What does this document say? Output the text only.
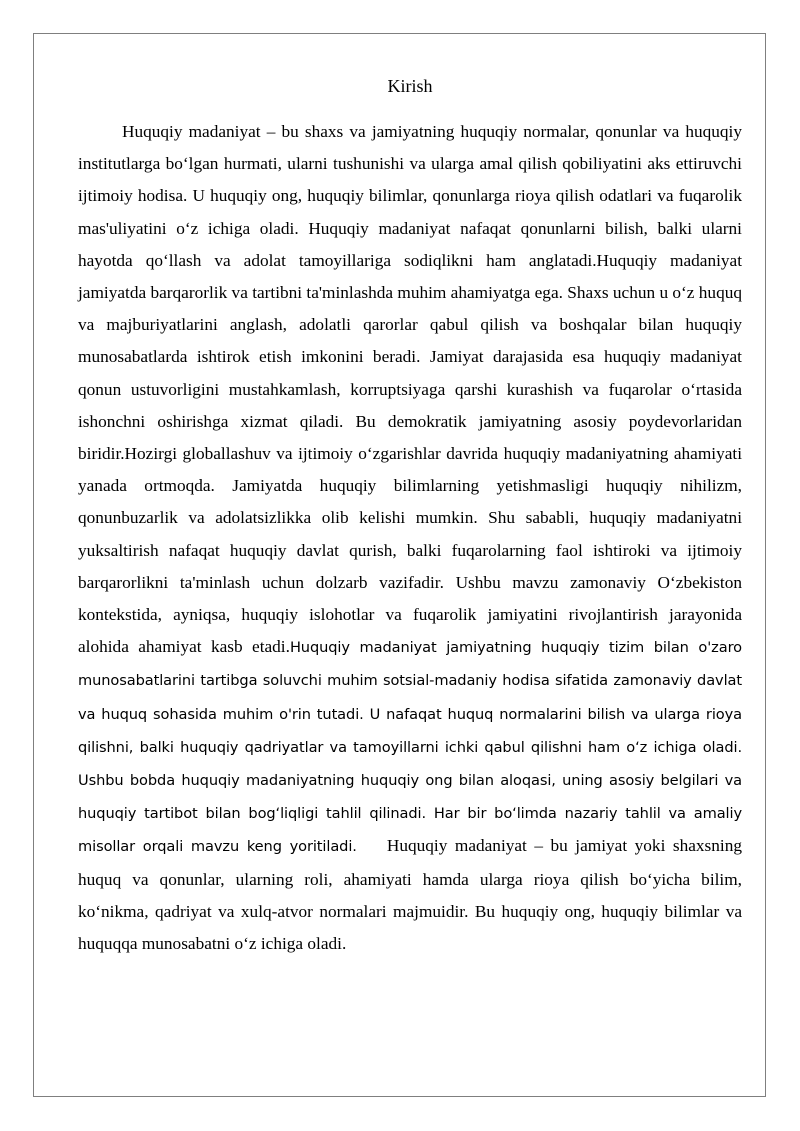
Kirish

Huquqiy madaniyat – bu shaxs va jamiyatning huquqiy normalar, qonunlar va huquqiy institutlarga bo‘lgan hurmati, ularni tushunishi va ularga amal qilish qobiliyatini aks ettiruvchi ijtimoiy hodisa. U huquqiy ong, huquqiy bilimlar, qonunlarga rioya qilish odatlari va fuqarolik mas'uliyatini o‘z ichiga oladi. Huquqiy madaniyat nafaqat qonunlarni bilish, balki ularni hayotda qo‘llash va adolat tamoyillariga sodiqlikni ham anglatadi.Huquqiy madaniyat jamiyatda barqarorlik va tartibni ta'minlashda muhim ahamiyatga ega. Shaxs uchun u o‘z huquq va majburiyatlarini anglash, adolatli qarorlar qabul qilish va boshqalar bilan huquqiy munosabatlarda ishtirok etish imkonini beradi. Jamiyat darajasida esa huquqiy madaniyat qonun ustuvorligini mustahkamlash, korruptsiyaga qarshi kurashish va fuqarolar o‘rtasida ishonchni oshirishga xizmat qiladi. Bu demokratik jamiyatning asosiy poydevorlaridan biridir.Hozirgi globallashuv va ijtimoiy o‘zgarishlar davrida huquqiy madaniyatning ahamiyati yanada ortmoqda. Jamiyatda huquqiy bilimlarning yetishmasligi huquqiy nihilizm, qonunbuzarlik va adolatsizlikka olib kelishi mumkin. Shu sababli, huquqiy madaniyatni yuksaltirish nafaqat huquqiy davlat qurish, balki fuqarolarning faol ishtiroki va ijtimoiy barqarorlikni ta'minlash uchun dolzarb vazifadir. Ushbu mavzu zamonaviy O‘zbekiston kontekstida, ayniqsa, huquqiy islohotlar va fuqarolik jamiyatini rivojlantirish jarayonida alohida ahamiyat kasb etadi.Huquqiy madaniyat jamiyatning huquqiy tizim bilan o'zaro munosabatlarini tartibga soluvchi muhim sotsial-madaniy hodisa sifatida zamonaviy davlat va huquq sohasida muhim o'rin tutadi. U nafaqat huquq normalarini bilish va ularga rioya qilishni, balki huquqiy qadriyatlar va tamoyillarni ichki qabul qilishni ham o‘z ichiga oladi. Ushbu bobda huquqiy madaniyatning huquqiy ong bilan aloqasi, uning asosiy belgilari va huquqiy tartibot bilan bog‘liqligi tahlil qilinadi. Har bir bo‘limda nazariy tahlil va amaliy misollar orqali mavzu keng yoritiladi.    Huquqiy madaniyat – bu jamiyat yoki shaxsning huquq va qonunlar, ularning roli, ahamiyati hamda ularga rioya qilish bo‘yicha bilim, ko‘nikma, qadriyat va xulq-atvor normalari majmuidir. Bu huquqiy ong, huquqiy bilimlar va huquqqa munosabatni o‘z ichiga oladi.
